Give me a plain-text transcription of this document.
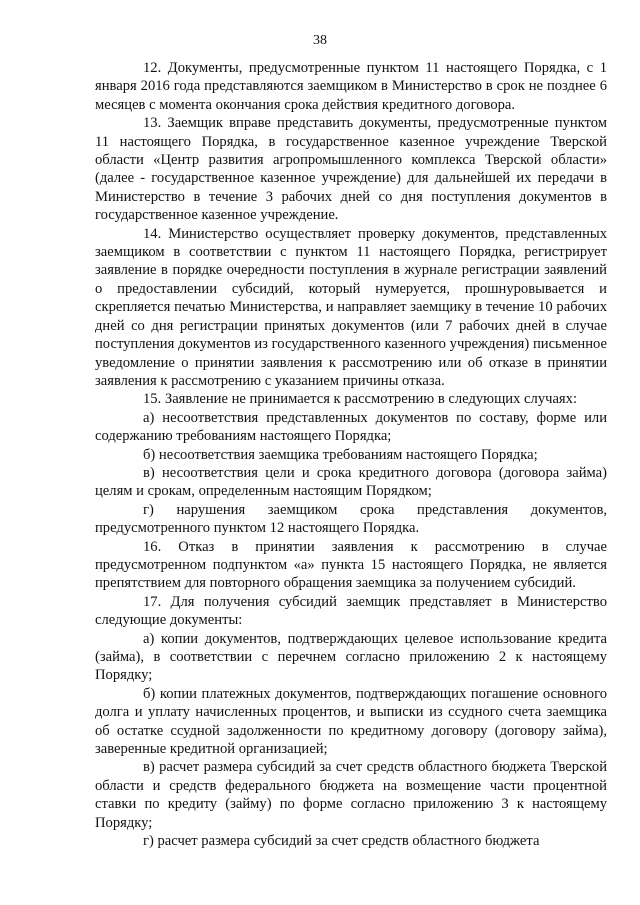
38

12. Документы, предусмотренные пунктом 11 настоящего Порядка, с 1 января 2016 года представляются заемщиком в Министерство в срок не позднее 6 месяцев с момента окончания срока действия кредитного договора.

13. Заемщик вправе представить документы, предусмотренные пунктом 11 настоящего Порядка, в государственное казенное учреждение Тверской области «Центр развития агропромышленного комплекса Тверской области» (далее - государственное казенное учреждение) для дальнейшей их передачи в Министерство в течение 3 рабочих дней со дня поступления документов в государственное казенное учреждение.

14. Министерство осуществляет проверку документов, представленных заемщиком в соответствии с пунктом 11 настоящего Порядка, регистрирует заявление в порядке очередности поступления в журнале регистрации заявлений о предоставлении субсидий, который нумеруется, прошнуровывается и скрепляется печатью Министерства, и направляет заемщику в течение 10 рабочих дней со дня регистрации принятых документов (или 7 рабочих дней в случае поступления документов из государственного казенного учреждения) письменное уведомление о принятии заявления к рассмотрению или об отказе в принятии заявления к рассмотрению с указанием причины отказа.

15. Заявление не принимается к рассмотрению в следующих случаях:

а) несоответствия представленных документов по составу, форме или содержанию требованиям настоящего Порядка;

б) несоответствия заемщика требованиям настоящего Порядка;

в) несоответствия цели и срока кредитного договора (договора займа) целям и срокам, определенным настоящим Порядком;

г) нарушения заемщиком срока представления документов, предусмотренного пунктом 12 настоящего Порядка.

16. Отказ в принятии заявления к рассмотрению в случае предусмотренном подпунктом «а» пункта 15 настоящего Порядка, не является препятствием для повторного обращения заемщика за получением субсидий.

17. Для получения субсидий заемщик представляет в Министерство следующие документы:

а) копии документов, подтверждающих целевое использование кредита (займа), в соответствии с перечнем согласно приложению 2 к настоящему Порядку;

б) копии платежных документов, подтверждающих погашение основного долга и уплату начисленных процентов, и выписки из ссудного счета заемщика об остатке ссудной задолженности по кредитному договору (договору займа), заверенные кредитной организацией;

в) расчет размера субсидий за счет средств областного бюджета Тверской области и средств федерального бюджета на возмещение части процентной ставки по кредиту (займу) по форме согласно приложению 3 к настоящему Порядку;

г) расчет размера субсидий за счет средств областного бюджета
